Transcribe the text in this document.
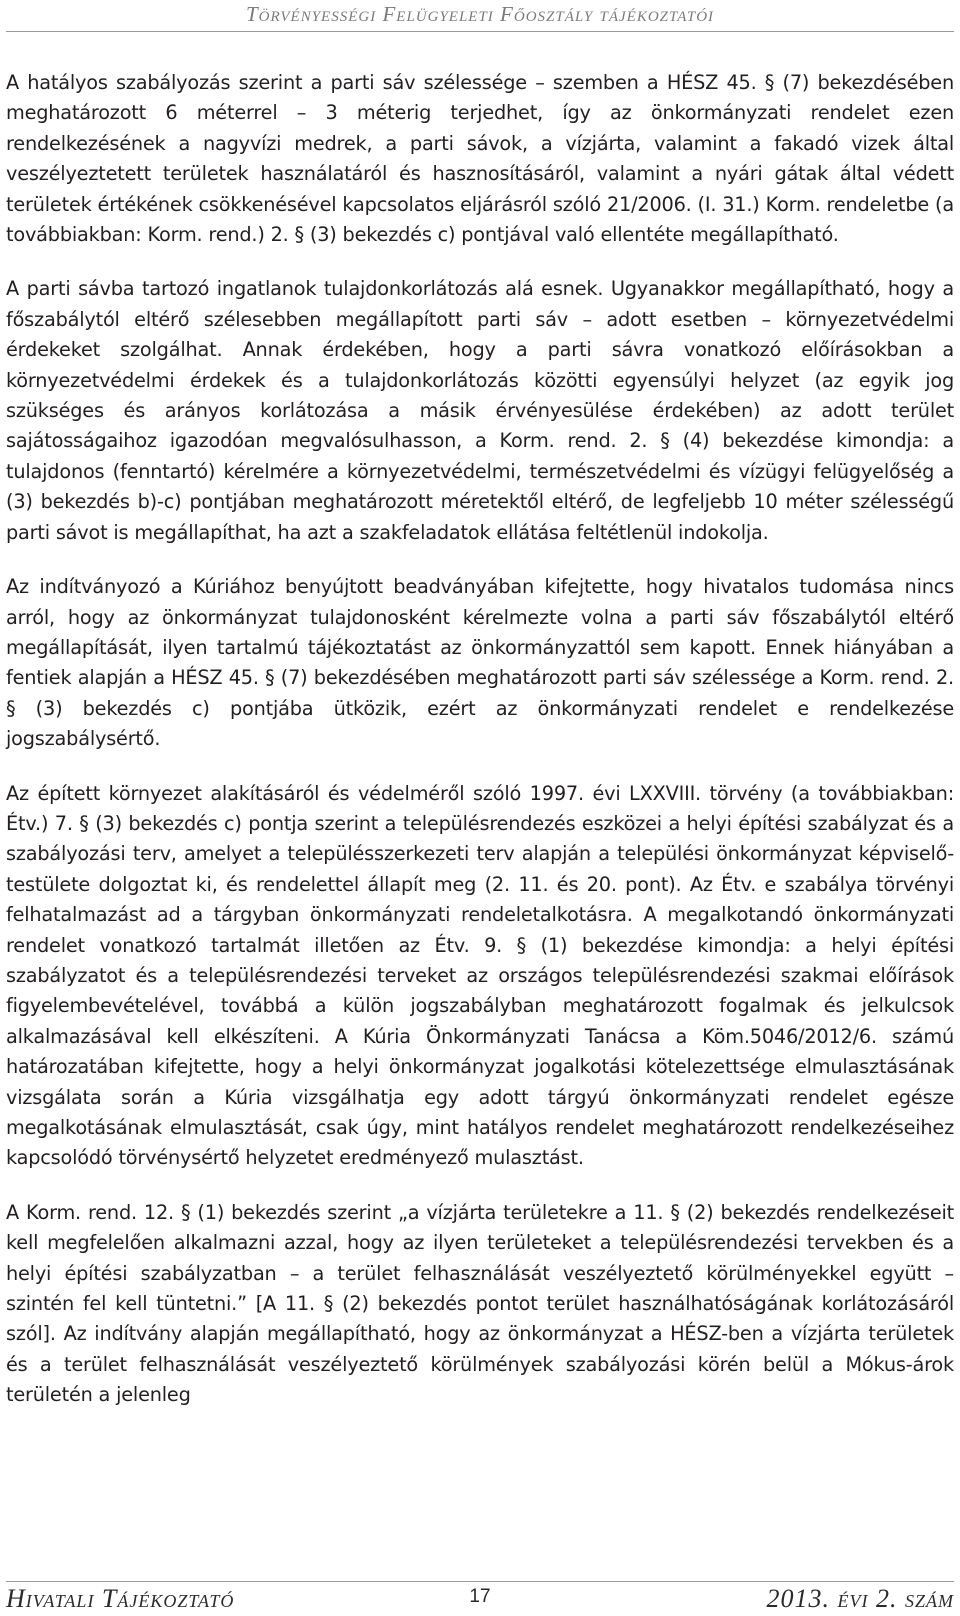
Törvényességi Felügyeleti Főosztály tájékoztatói

A hatályos szabályozás szerint a parti sáv szélessége – szemben a HÉSZ 45. § (7) bekezdésében meghatározott 6 méterrel – 3 méterig terjedhet, így az önkormányzati rendelet ezen rendelkezésének a nagyvízi medrek, a parti sávok, a vízjárta, valamint a fakadó vizek által veszélyeztetett területek használatáról és hasznosításáról, valamint a nyári gátak által védett területek értékének csökkenésével kapcsolatos eljárásról szóló 21/2006. (I. 31.) Korm. rendeletbe (a továbbiakban: Korm. rend.) 2. § (3) bekezdés c) pontjával való ellentéte megállapítható.

A parti sávba tartozó ingatlanok tulajdonkorlátozás alá esnek. Ugyanakkor megállapítható, hogy a főszabálytól eltérő szélesebben megállapított parti sáv – adott esetben – környezetvédelmi érdekeket szolgálhat. Annak érdekében, hogy a parti sávra vonatkozó előírásokban a környezetvédelmi érdekek és a tulajdonkorlátozás közötti egyensúlyi helyzet (az egyik jog szükséges és arányos korlátozása a másik érvényesülése érdekében) az adott terület sajátosságaihoz igazodóan megvalósulhasson, a Korm. rend. 2. § (4) bekezdése kimondja: a tulajdonos (fenntartó) kérelmére a környezetvédelmi, természetvédelmi és vízügyi felügyelőség a (3) bekezdés b)-c) pontjában meghatározott méretektől eltérő, de legfeljebb 10 méter szélességű parti sávot is megállapíthat, ha azt a szakfeladatok ellátása feltétlenül indokolja.

Az indítványozó a Kúriához benyújtott beadványában kifejtette, hogy hivatalos tudomása nincs arról, hogy az önkormányzat tulajdonosként kérelmezte volna a parti sáv főszabálytól eltérő megállapítását, ilyen tartalmú tájékoztatást az önkormányzattól sem kapott. Ennek hiányában a fentiek alapján a HÉSZ 45. § (7) bekezdésében meghatározott parti sáv szélessége a Korm. rend. 2. § (3) bekezdés c) pontjába ütközik, ezért az önkormányzati rendelet e rendelkezése jogszabálysértő.

Az épített környezet alakításáról és védelméről szóló 1997. évi LXXVIII. törvény (a továbbiakban: Étv.) 7. § (3) bekezdés c) pontja szerint a településrendezés eszközei a helyi építési szabályzat és a szabályozási terv, amelyet a településszerkezeti terv alapján a települési önkormányzat képviselő-testülete dolgoztat ki, és rendelettel állapít meg (2. 11. és 20. pont). Az Étv. e szabálya törvényi felhatalmazást ad a tárgyban önkormányzati rendeletalkotásra. A megalkotandó önkormányzati rendelet vonatkozó tartalmát illetően az Étv. 9. § (1) bekezdése kimondja: a helyi építési szabályzatot és a településrendezési terveket az országos településrendezési szakmai előírások figyelembevételével, továbbá a külön jogszabályban meghatározott fogalmak és jelkulcsok alkalmazásával kell elkészíteni. A Kúria Önkormányzati Tanácsa a Köm.5046/2012/6. számú határozatában kifejtette, hogy a helyi önkormányzat jogalkotási kötelezettsége elmulasztásának vizsgálata során a Kúria vizsgálhatja egy adott tárgyú önkormányzati rendelet egésze megalkotásának elmulasztását, csak úgy, mint hatályos rendelet meghatározott rendelkezéseihez kapcsolódó törvénysértő helyzetet eredményező mulasztást.

A Korm. rend. 12. § (1) bekezdés szerint „a vízjárta területekre a 11. § (2) bekezdés rendelkezéseit kell megfelelően alkalmazni azzal, hogy az ilyen területeket a településrendezési tervekben és a helyi építési szabályzatban – a terület felhasználását veszélyeztető körülményekkel együtt – szintén fel kell tüntetni.” [A 11. § (2) bekezdés pontot terület használhatóságának korlátozásáról szól]. Az indítvány alapján megállapítható, hogy az önkormányzat a HÉSZ-ben a vízjárta területek és a terület felhasználását veszélyeztető körülmények szabályozási körén belül a Mókus-árok területén a jelenleg

Hivatali Tájékoztató	17	2013. évi 2. szám
